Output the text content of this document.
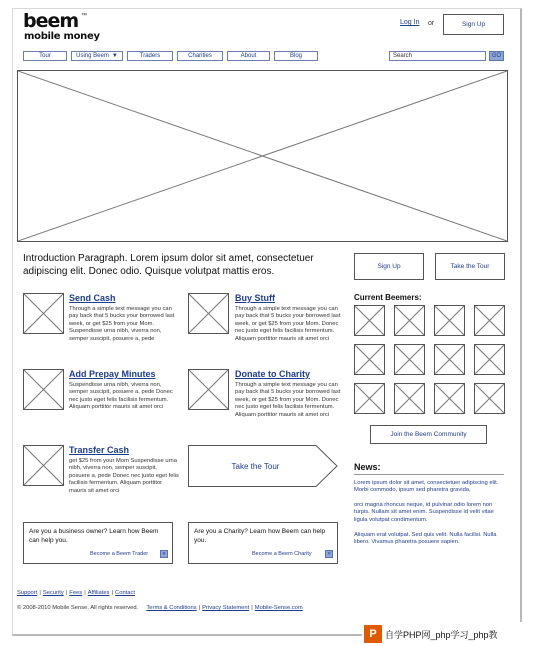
beem ™
mobile money
Log In or	Sign Up
Tour	Using Beem ▼	Traders	Charities	About	Blog	Search	GO
Introduction Paragraph. Lorem ipsum dolor sit amet, consectetuer adipiscing elit. Donec odio. Quisque volutpat mattis eros.	Sign Up	Take the Tour
Send Cash
Through a simple text message you can pay back that 5 bucks your borrowed last week, or get $25 from your Mom. Suspendisse urna nibh, viverra non, semper suscipit, posuere a, pede
Buy Stuff
Through a simple text message you can pay back that 5 bucks your borrowed last week, or get $25 from your Mom. Donec nec justo eget felis facilisis fermentum. Aliquam porttitor mauris sit amet orci
Add Prepay Minutes
Suspendisse urna nibh, viverra non, semper suscipit, posuere a, pede Donec nec justo eget felis facilisis fermentum. Aliquam porttitor mauris sit amet orci
Donate to Charity
Through a simple text message you can pay back that 5 bucks your borrowed last week, or get $25 from your Mom. Donec nec justo eget felis facilisis fermentum. Aliquam porttitor mauris sit amet orci
Transfer Cash
get $25 from your Mom Suspendisse urna nibh, viverra non, semper suscipit, posuere a, pede Donec nec justo eget felis facilisis fermentum. Aliquam porttitor mauris sit amet orci
Take the Tour
Current Beemers:
Join the Beem Community
News:
Lorem ipsum dolor sit amet, consectetuer adipiscing elit. Morbi commodo, ipsum sed pharetra gravida,
orci magna rhoncus neque, id pulvinar odio lorem non turpis. Nullam sit amet enim. Suspendisse id velit vitae ligula volutpat condimentum.
Aliquam erat volutpat. Sed quis velit. Nulla facilisi. Nulla libero. Vivamus pharetra posuere sapien.
Are you a business owner? Learn how Beem can help you.
Become a Beem Trader	»
Are you a Charity? Learn how Beem can help you.
Become a Beem Charity	»
Support | Security | Fees | Affiliates | Contact
© 2008-2010 Mobile Sense. All rights reserved. Terms & Conditions | Privacy Statement | Mobile-Sense.com
P 自学PHP网_php学习_php教
